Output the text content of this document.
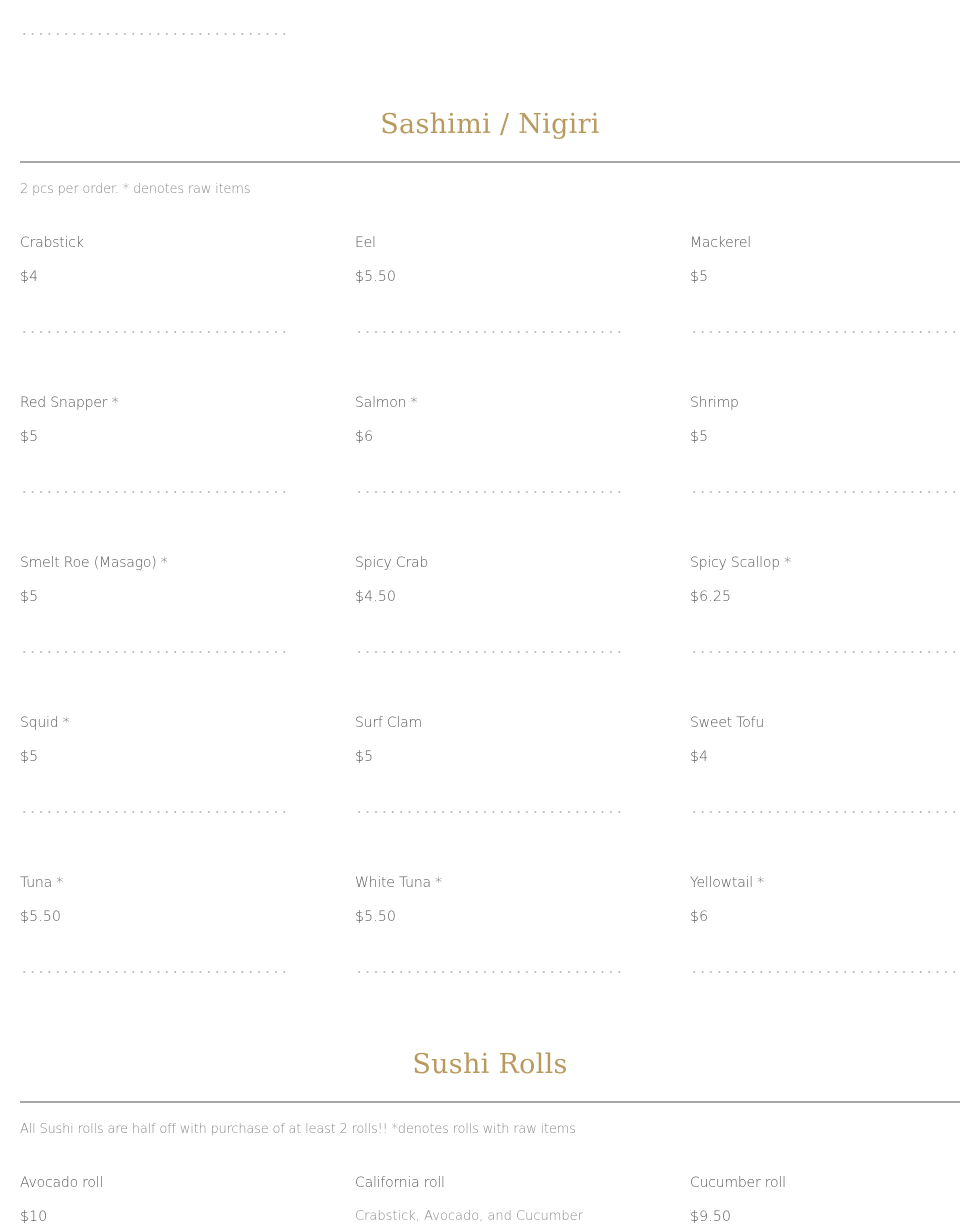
Sashimi / Nigiri
2 pcs per order. * denotes raw items
Crabstick
$4
Eel
$5.50
Mackerel
$5
Red Snapper *
$5
Salmon *
$6
Shrimp
$5
Smelt Roe (Masago) *
$5
Spicy Crab
$4.50
Spicy Scallop *
$6.25
Squid *
$5
Surf Clam
$5
Sweet Tofu
$4
Tuna *
$5.50
White Tuna *
$5.50
Yellowtail *
$6
Sushi Rolls
All Sushi rolls are half off with purchase of at least 2 rolls!! *denotes rolls with raw items
Avocado roll
$10
California roll
Crabstick, Avocado, and Cucumber
Cucumber roll
$9.50
